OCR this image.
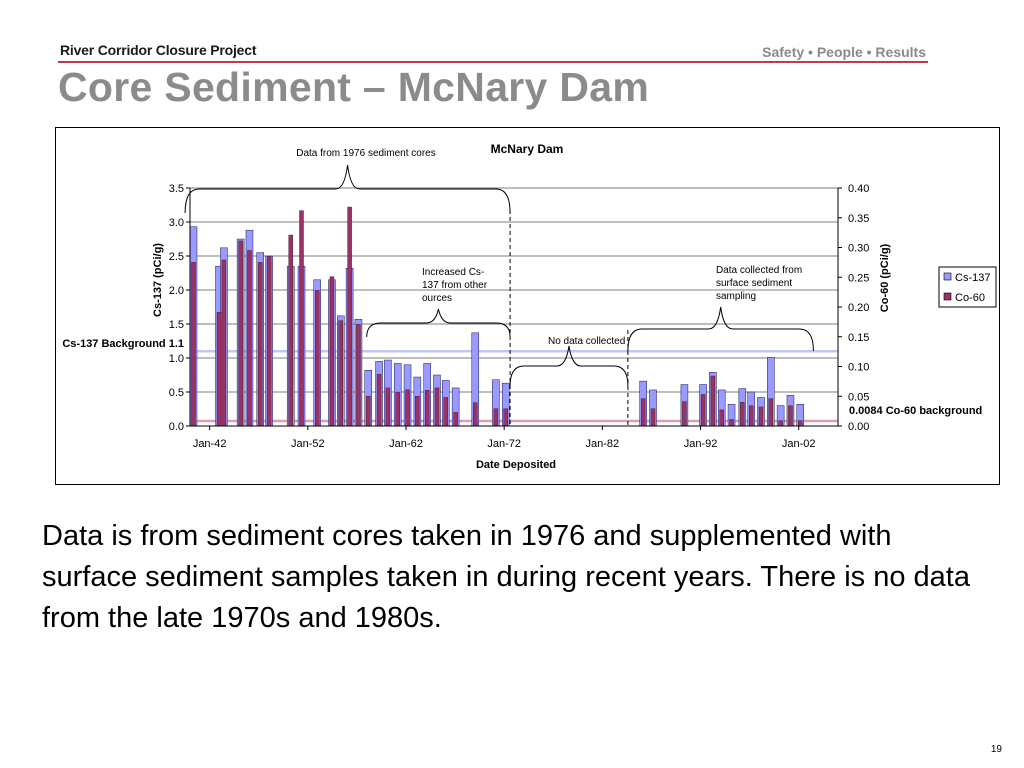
River Corridor Closure Project	Safety • People • Results
Core Sediment – McNary Dam
0.0
0.5
1.0
1.5
2.0
2.5
3.0
3.5
0.00
0.05
0.10
0.15
0.20
0.25
0.30
0.35
0.40
Jan-42	Jan-52	Jan-62	Jan-72	Jan-82	Jan-92	Jan-02
Cs-137 Background 1.1
0.0084 Co-60 background
Data from 1976 sediment cores
Increased Cs-137 from other ources
No data collected
Data collected from surface sediment sampling
McNary Dam
Date Deposited
Cs-137 (pCi/g)	Co-60 (pCi/g)	Cs-137
Co-60
Data is from sediment cores taken in 1976 and supplemented with surface sediment samples taken in during recent years. There is no data from the late 1970s and 1980s.
19
